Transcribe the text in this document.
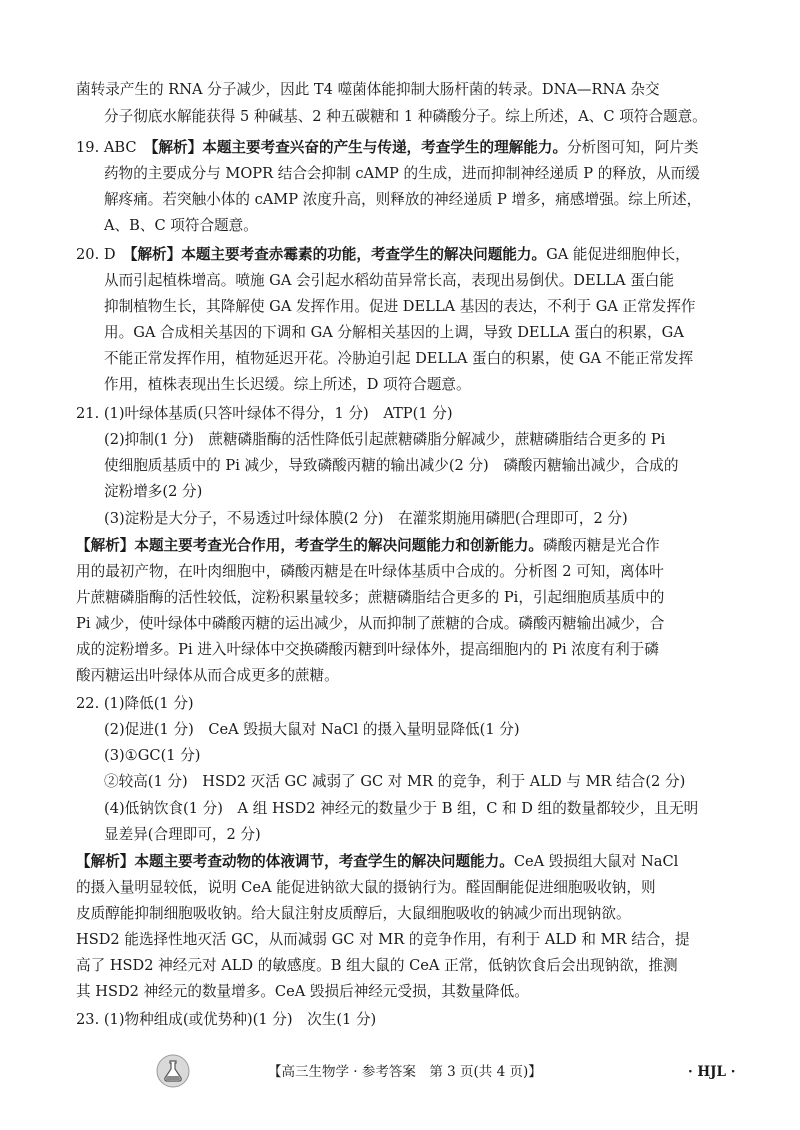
菌转录产生的 RNA 分子减少，因此 T4 噬菌体能抑制大肠杆菌的转录。DNA—RNA 杂交
分子彻底水解能获得 5 种碱基、2 种五碳糖和 1 种磷酸分子。综上所述，A、C 项符合题意。
19. ABC　【解析】本题主要考查兴奋的产生与传递，考查学生的理解能力。分析图可知，阿片类
药物的主要成分与 MOPR 结合会抑制 cAMP 的生成，进而抑制神经递质 P 的释放，从而缓
解疼痛。若突触小体的 cAMP 浓度升高，则释放的神经递质 P 增多，痛感增强。综上所述，
A、B、C 项符合题意。
20. D　【解析】本题主要考查赤霉素的功能，考查学生的解决问题能力。GA 能促进细胞伸长，
从而引起植株增高。喷施 GA 会引起水稻幼苗异常长高，表现出易倒伏。DELLA 蛋白能
抑制植物生长，其降解使 GA 发挥作用。促进 DELLA 基因的表达，不利于 GA 正常发挥作
用。GA 合成相关基因的下调和 GA 分解相关基因的上调，导致 DELLA 蛋白的积累，GA
不能正常发挥作用，植物延迟开花。冷胁迫引起 DELLA 蛋白的积累，使 GA 不能正常发挥
作用，植株表现出生长迟缓。综上所述，D 项符合题意。
21. (1)叶绿体基质(只答叶绿体不得分，1 分)　ATP(1 分)
(2)抑制(1 分)　蔗糖磷脂酶的活性降低引起蔗糖磷脂分解减少，蔗糖磷脂结合更多的 Pi
使细胞质基质中的 Pi 减少，导致磷酸丙糖的输出减少(2 分)　磷酸丙糖输出减少，合成的
淀粉增多(2 分)
(3)淀粉是大分子，不易透过叶绿体膜(2 分)　在灌浆期施用磷肥(合理即可，2 分)
【解析】本题主要考查光合作用，考查学生的解决问题能力和创新能力。磷酸丙糖是光合作
用的最初产物，在叶肉细胞中，磷酸丙糖是在叶绿体基质中合成的。分析图 2 可知，离体叶
片蔗糖磷脂酶的活性较低，淀粉积累量较多；蔗糖磷脂结合更多的 Pi，引起细胞质基质中的
Pi 减少，使叶绿体中磷酸丙糖的运出减少，从而抑制了蔗糖的合成。磷酸丙糖输出减少，合
成的淀粉增多。Pi 进入叶绿体中交换磷酸丙糖到叶绿体外，提高细胞内的 Pi 浓度有利于磷
酸丙糖运出叶绿体从而合成更多的蔗糖。
22. (1)降低(1 分)
(2)促进(1 分)　CeA 毁损大鼠对 NaCl 的摄入量明显降低(1 分)
(3)①GC(1 分)
②较高(1 分)　HSD2 灭活 GC 减弱了 GC 对 MR 的竞争，利于 ALD 与 MR 结合(2 分)
(4)低钠饮食(1 分)　A 组 HSD2 神经元的数量少于 B 组，C 和 D 组的数量都较少，且无明
显差异(合理即可，2 分)
【解析】本题主要考查动物的体液调节，考查学生的解决问题能力。CeA 毁损组大鼠对 NaCl
的摄入量明显较低，说明 CeA 能促进钠欲大鼠的摄钠行为。醛固酮能促进细胞吸收钠，则
皮质醇能抑制细胞吸收钠。给大鼠注射皮质醇后，大鼠细胞吸收的钠减少而出现钠欲。
HSD2 能选择性地灭活 GC，从而减弱 GC 对 MR 的竞争作用，有利于 ALD 和 MR 结合，提
高了 HSD2 神经元对 ALD 的敏感度。B 组大鼠的 CeA 正常，低钠饮食后会出现钠欲，推测
其 HSD2 神经元的数量增多。CeA 毁损后神经元受损，其数量降低。
23. (1)物种组成(或优势种)(1 分)　次生(1 分)
【高三生物学 · 参考答案　第 3 页(共 4 页)】	· HJL ·
